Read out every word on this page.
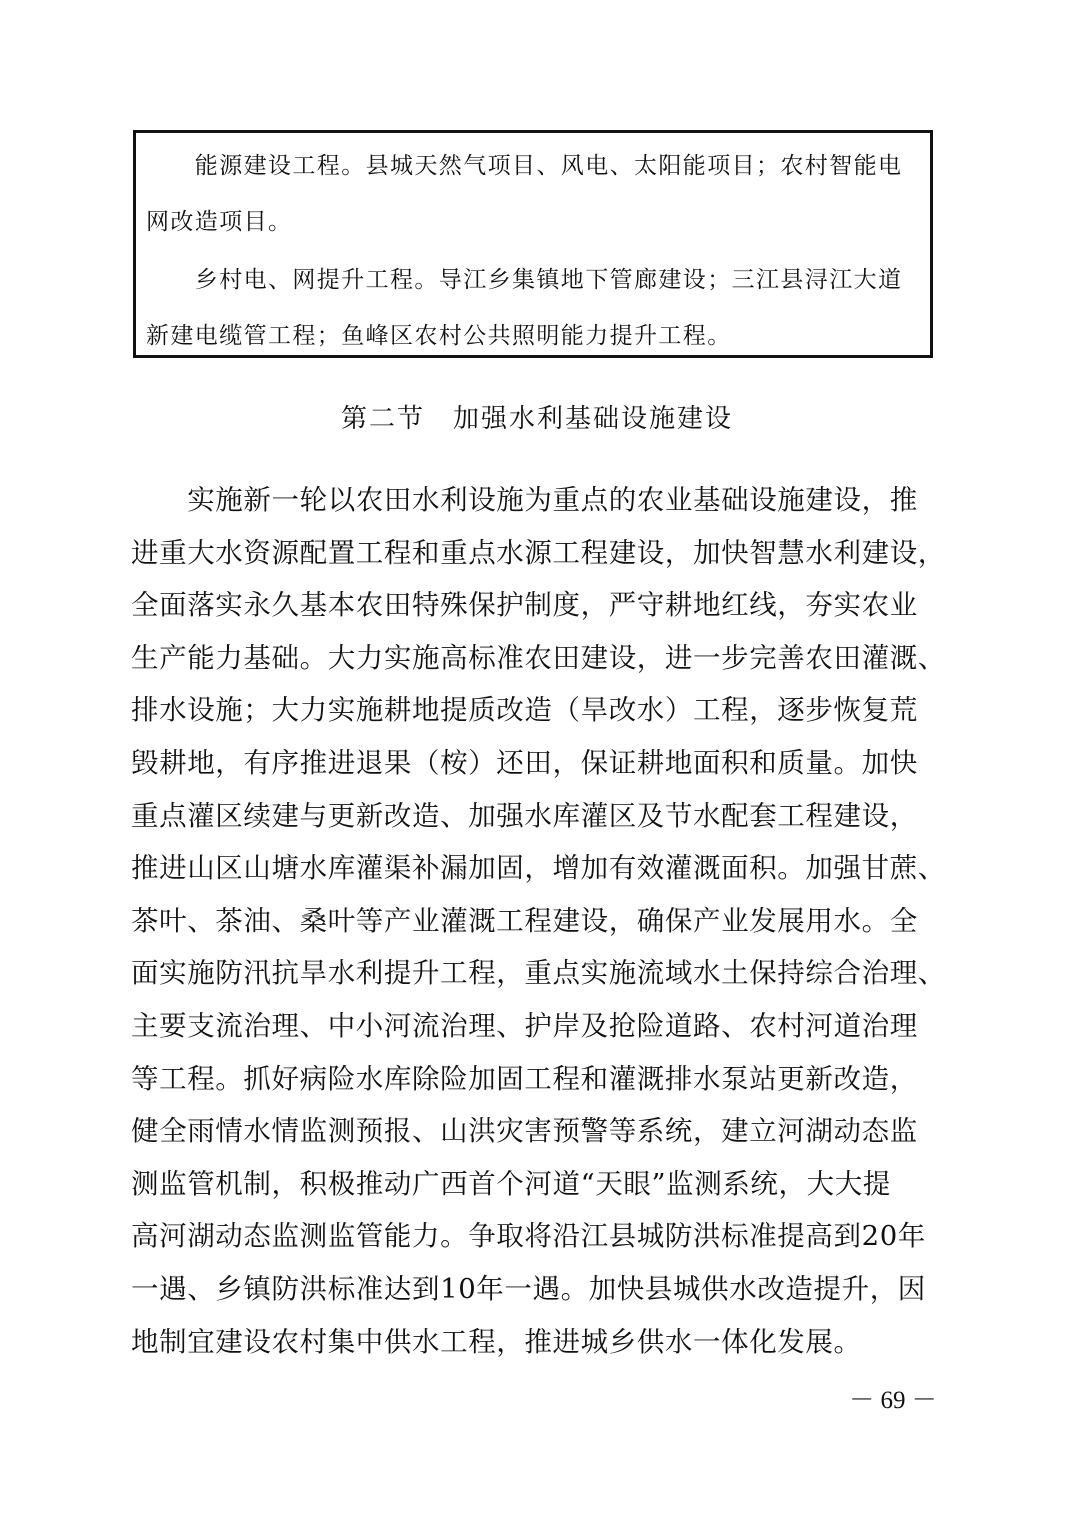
　　能源建设工程。县城天然气项目、风电、太阳能项目；农村智能电
网改造项目。
　　乡村电、网提升工程。导江乡集镇地下管廊建设；三江县浔江大道
新建电缆管工程；鱼峰区农村公共照明能力提升工程。
第二节　加强水利基础设施建设
　　实施新一轮以农田水利设施为重点的农业基础设施建设，推
进重大水资源配置工程和重点水源工程建设，加快智慧水利建设，
全面落实永久基本农田特殊保护制度，严守耕地红线，夯实农业
生产能力基础。大力实施高标准农田建设，进一步完善农田灌溉、
排水设施；大力实施耕地提质改造（旱改水）工程，逐步恢复荒
毁耕地，有序推进退果（桉）还田，保证耕地面积和质量。加快
重点灌区续建与更新改造、加强水库灌区及节水配套工程建设，
推进山区山塘水库灌渠补漏加固，增加有效灌溉面积。加强甘蔗、
茶叶、茶油、桑叶等产业灌溉工程建设，确保产业发展用水。全
面实施防汛抗旱水利提升工程，重点实施流域水土保持综合治理、
主要支流治理、中小河流治理、护岸及抢险道路、农村河道治理
等工程。抓好病险水库除险加固工程和灌溉排水泵站更新改造，
健全雨情水情监测预报、山洪灾害预警等系统，建立河湖动态监
测监管机制，积极推动广西首个河道“天眼”监测系统，大大提
高河湖动态监测监管能力。争取将沿江县城防洪标准提高到20年
一遇、乡镇防洪标准达到10年一遇。加快县城供水改造提升，因
地制宜建设农村集中供水工程，推进城乡供水一体化发展。
－ 69 －
